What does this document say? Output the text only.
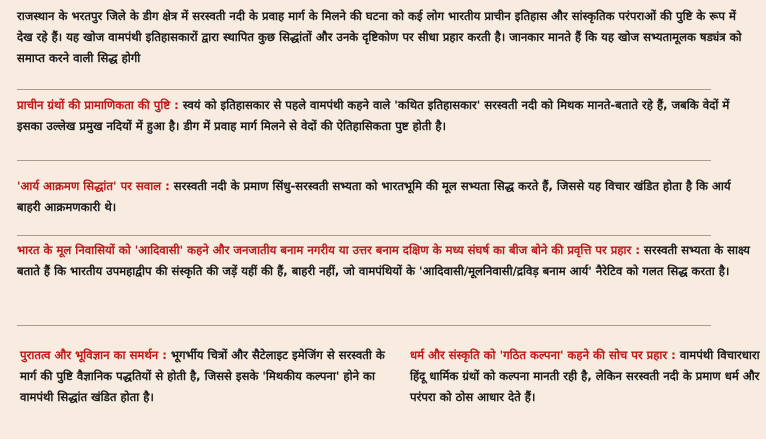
राजस्थान के भरतपुर जिले के डीग क्षेत्र में सरस्वती नदी के प्रवाह मार्ग के मिलने की घटना को कई लोग भारतीय प्राचीन इतिहास और सांस्कृतिक परंपराओं की पुष्टि के रूप में देख रहे हैं। यह खोज वामपंथी इतिहासकारों द्वारा स्थापित कुछ सिद्धांतों और उनके दृष्टिकोण पर सीधा प्रहार करती है। जानकार मानते हैं कि यह खोज सभ्यतामूलक षड्यंत्र को समाप्त करने वाली सिद्ध होगी
प्राचीन ग्रंथों की प्रामाणिकता की पुष्टि : स्वयं को इतिहासकार से पहले वामपंथी कहने वाले 'कथित इतिहासकार' सरस्वती नदी को मिथक मानते-बताते रहे हैं, जबकि वेदों में इसका उल्लेख प्रमुख नदियों में हुआ है। डीग में प्रवाह मार्ग मिलने से वेदों की ऐतिहासिकता पुष्ट होती है।
'आर्य आक्रमण सिद्धांत' पर सवाल : सरस्वती नदी के प्रमाण सिंधु-सरस्वती सभ्यता को भारतभूमि की मूल सभ्यता सिद्ध करते हैं, जिससे यह विचार खंडित होता है कि आर्य बाहरी आक्रमणकारी थे।
भारत के मूल निवासियों को 'आदिवासी' कहने और जनजातीय बनाम नगरीय या उत्तर बनाम दक्षिण के मध्य संघर्ष का बीज बोने की प्रवृत्ति पर प्रहार : सरस्वती सभ्यता के साक्ष्य बताते हैं कि भारतीय उपमहाद्वीप की संस्कृति की जड़ें यहीं की हैं, बाहरी नहीं, जो वामपंथियों के 'आदिवासी/मूलनिवासी/द्रविड़ बनाम आर्य' नैरेटिव को गलत सिद्ध करता है।
पुरातत्व और भूविज्ञान का समर्थन : भूगर्भीय चित्रों और सैटेलाइट इमेजिंग से सरस्वती के मार्ग की पुष्टि वैज्ञानिक पद्धतियों से होती है, जिससे इसके 'मिथकीय कल्पना' होने का वामपंथी सिद्धांत खंडित होता है।
धर्म और संस्कृति को 'गठित कल्पना' कहने की सोच पर प्रहार : वामपंथी विचारधारा हिंदू धार्मिक ग्रंथों को कल्पना मानती रही है, लेकिन सरस्वती नदी के प्रमाण धर्म और परंपरा को ठोस आधार देते हैं।
